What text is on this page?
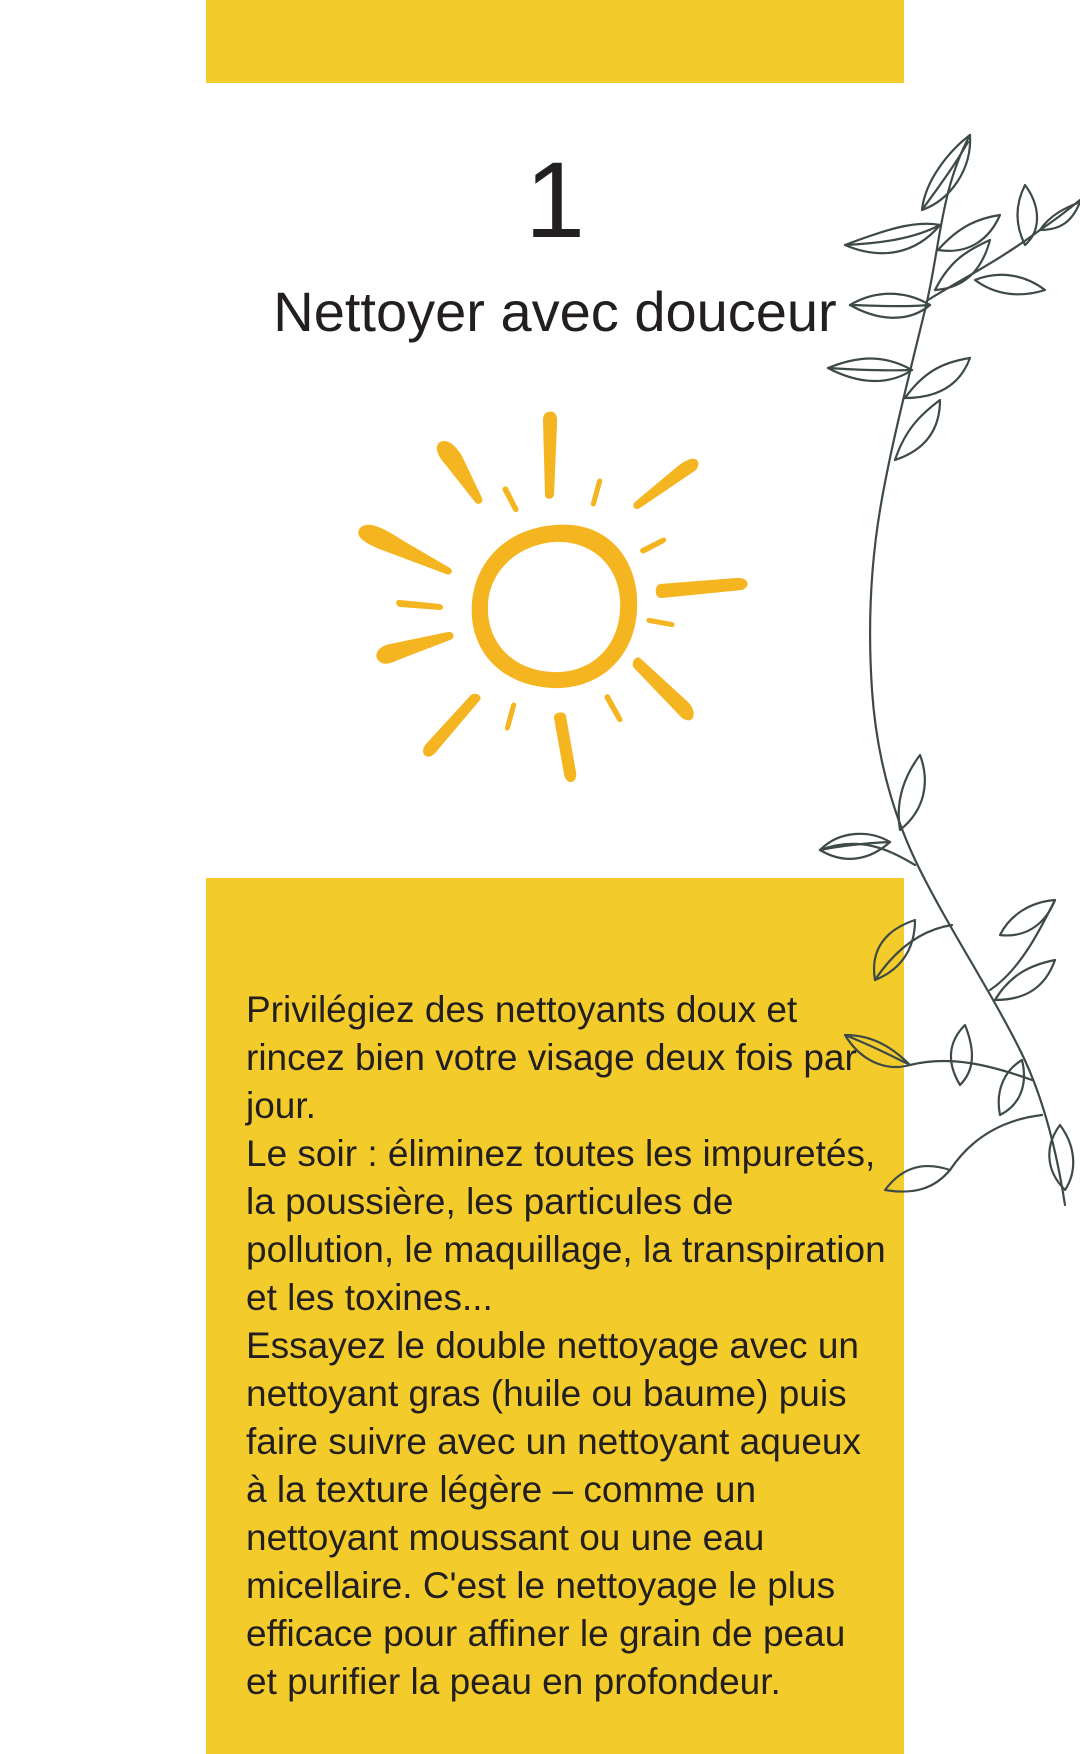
1
Nettoyer avec douceur

Privilégiez des nettoyants doux et rincez bien votre visage deux fois par jour.

Le soir : éliminez toutes les impuretés, la poussière, les particules de pollution, le maquillage, la transpiration et les toxines...

Essayez le double nettoyage avec un nettoyant gras (huile ou baume) puis faire suivre avec un nettoyant aqueux à la texture légère – comme un nettoyant moussant ou une eau micellaire. C'est le nettoyage le plus efficace pour affiner le grain de peau et purifier la peau en profondeur.
